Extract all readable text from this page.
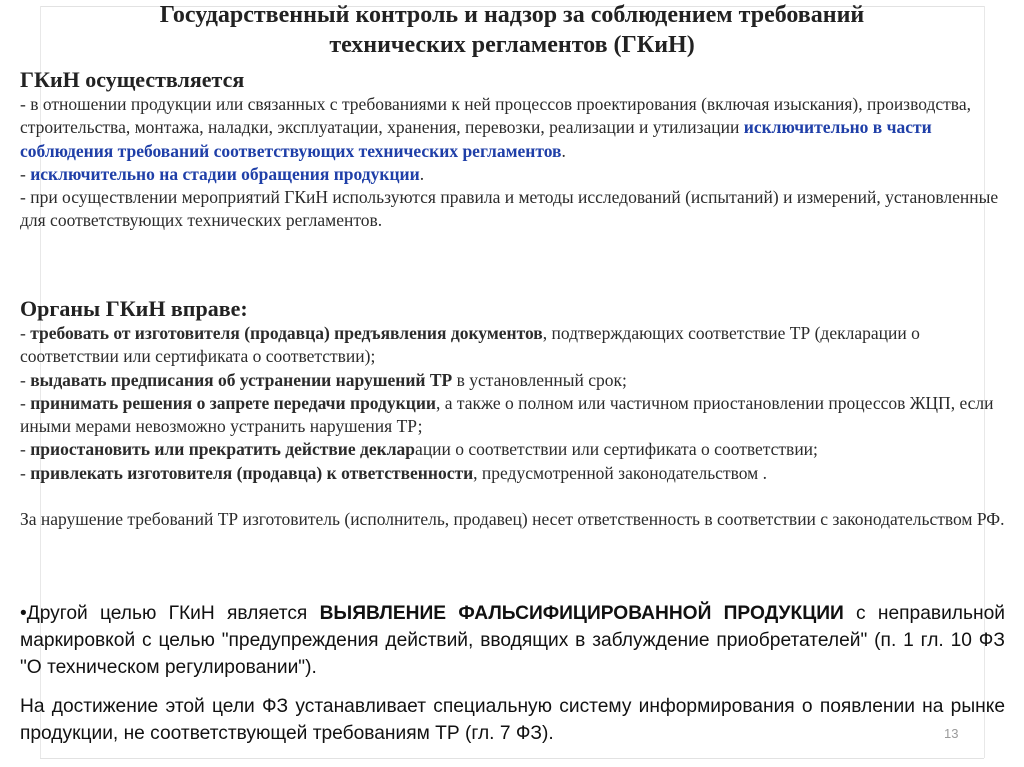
Государственный контроль и надзор за соблюдением требований
технических регламентов (ГКиН)
ГКиН осуществляется
- в отношении продукции или связанных с требованиями к ней процессов проектирования (включая изыскания), производства, строительства, монтажа, наладки, эксплуатации, хранения, перевозки, реализации и утилизации исключительно в части соблюдения требований соответствующих технических регламентов.
- исключительно на стадии обращения продукции.
- при осуществлении мероприятий ГКиН используются правила и методы исследований (испытаний) и измерений, установленные для соответствующих технических регламентов.
Органы ГКиН вправе:
- требовать от изготовителя (продавца) предъявления документов, подтверждающих соответствие ТР (декларации о соответствии или сертификата о соответствии);
- выдавать предписания об устранении нарушений ТР в установленный срок;
- принимать решения о запрете передачи продукции, а также о полном или частичном приостановлении процессов ЖЦП, если иными мерами невозможно устранить нарушения ТР;
- приостановить или прекратить действие декларации о соответствии или сертификата о соответствии;
- привлекать изготовителя (продавца) к ответственности, предусмотренной законодательством .
За нарушение требований ТР изготовитель (исполнитель, продавец) несет ответственность в соответствии с законодательством РФ.

•Другой целью ГКиН является ВЫЯВЛЕНИЕ ФАЛЬСИФИЦИРОВАННОЙ ПРОДУКЦИИ с неправильной маркировкой с целью "предупреждения действий, вводящих в заблуждение приобретателей" (п. 1 гл. 10 ФЗ "О техническом регулировании").

На достижение этой цели ФЗ устанавливает специальную систему информирования о появлении на рынке продукции, не соответствующей требованиям ТР (гл. 7 ФЗ).	13
